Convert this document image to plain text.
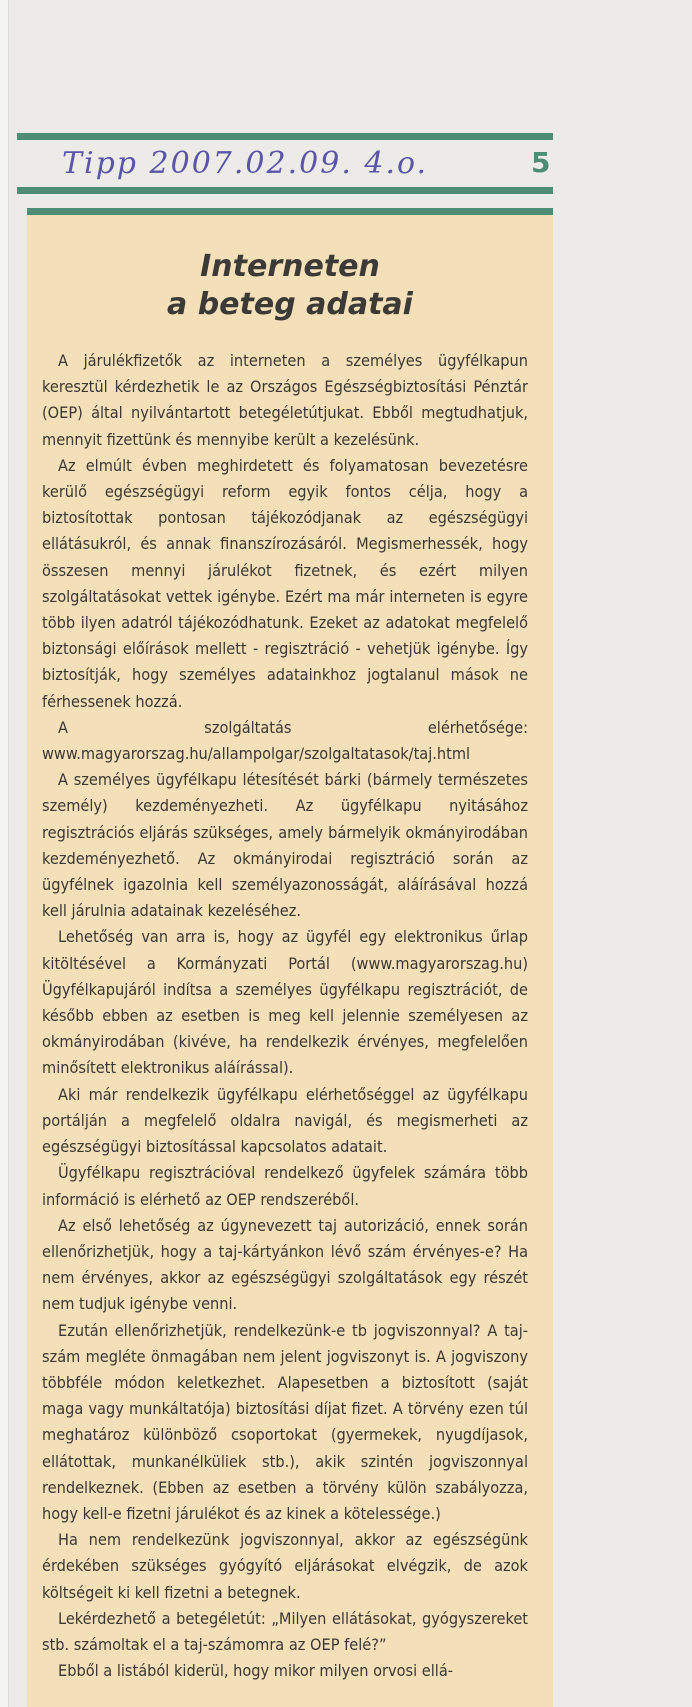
Tipp 2007.02.09. 4.o.	5
Interneten
a beteg adatai

A járulékfizetők az interneten a személyes ügyfélkapun keresztül kérdezhetik le az Országos Egészségbiztosítási Pénztár (OEP) által nyilvántartott betegéletútjukat. Ebből megtudhatjuk, mennyit fizettünk és mennyibe került a kezelésünk.

Az elmúlt évben meghirdetett és folyamatosan bevezetésre kerülő egészségügyi reform egyik fontos célja, hogy a biztosítottak pontosan tájékozódjanak az egészségügyi ellátásukról, és annak finanszírozásáról. Megismerhessék, hogy összesen mennyi járulékot fizetnek, és ezért milyen szolgáltatásokat vettek igénybe. Ezért ma már interneten is egyre több ilyen adatról tájékozódhatunk. Ezeket az adatokat megfelelő biztonsági előírások mellett - regisztráció - vehetjük igénybe. Így biztosítják, hogy személyes adatainkhoz jogtalanul mások ne férhessenek hozzá.

A szolgáltatás elérhetősége: www.magyarorszag.hu/allampolgar/szolgaltatasok/taj.html

A személyes ügyfélkapu létesítését bárki (bármely természetes személy) kezdeményezheti. Az ügyfélkapu nyitásához regisztrációs eljárás szükséges, amely bármelyik okmányirodában kezdeményezhető. Az okmányirodai regisztráció során az ügyfélnek igazolnia kell személyazonosságát, aláírásával hozzá kell járulnia adatainak kezeléséhez.

Lehetőség van arra is, hogy az ügyfél egy elektronikus űrlap kitöltésével a Kormányzati Portál (www.magyarorszag.hu) Ügyfélkapujáról indítsa a személyes ügyfélkapu regisztrációt, de később ebben az esetben is meg kell jelennie személyesen az okmányirodában (kivéve, ha rendelkezik érvényes, megfelelően minősített elektronikus aláírással).

Aki már rendelkezik ügyfélkapu elérhetőséggel az ügyfélkapu portálján a megfelelő oldalra navigál, és megismerheti az egészségügyi biztosítással kapcsolatos adatait.

Ügyfélkapu regisztrációval rendelkező ügyfelek számára több információ is elérhető az OEP rendszeréből.

Az első lehetőség az úgynevezett taj autorizáció, ennek során ellenőrizhetjük, hogy a taj-kártyánkon lévő szám érvényes-e? Ha nem érvényes, akkor az egészségügyi szolgáltatások egy részét nem tudjuk igénybe venni.

Ezután ellenőrizhetjük, rendelkezünk-e tb jogviszonnyal? A taj-szám megléte önmagában nem jelent jogviszonyt is. A jogviszony többféle módon keletkezhet. Alapesetben a biztosított (saját maga vagy munkáltatója) biztosítási díjat fizet. A törvény ezen túl meghatároz különböző csoportokat (gyermekek, nyugdíjasok, ellátottak, munkanélküliek stb.), akik szintén jogviszonnyal rendelkeznek. (Ebben az esetben a törvény külön szabályozza, hogy kell-e fizetni járulékot és az kinek a kötelessége.)

Ha nem rendelkezünk jogviszonnyal, akkor az egészségünk érdekében szükséges gyógyító eljárásokat elvégzik, de azok költségeit ki kell fizetni a betegnek.

Lekérdezhető a betegéletút: „Milyen ellátásokat, gyógyszereket stb. számoltak el a taj-számomra az OEP felé?”

Ebből a listából kiderül, hogy mikor milyen orvosi ellá-
